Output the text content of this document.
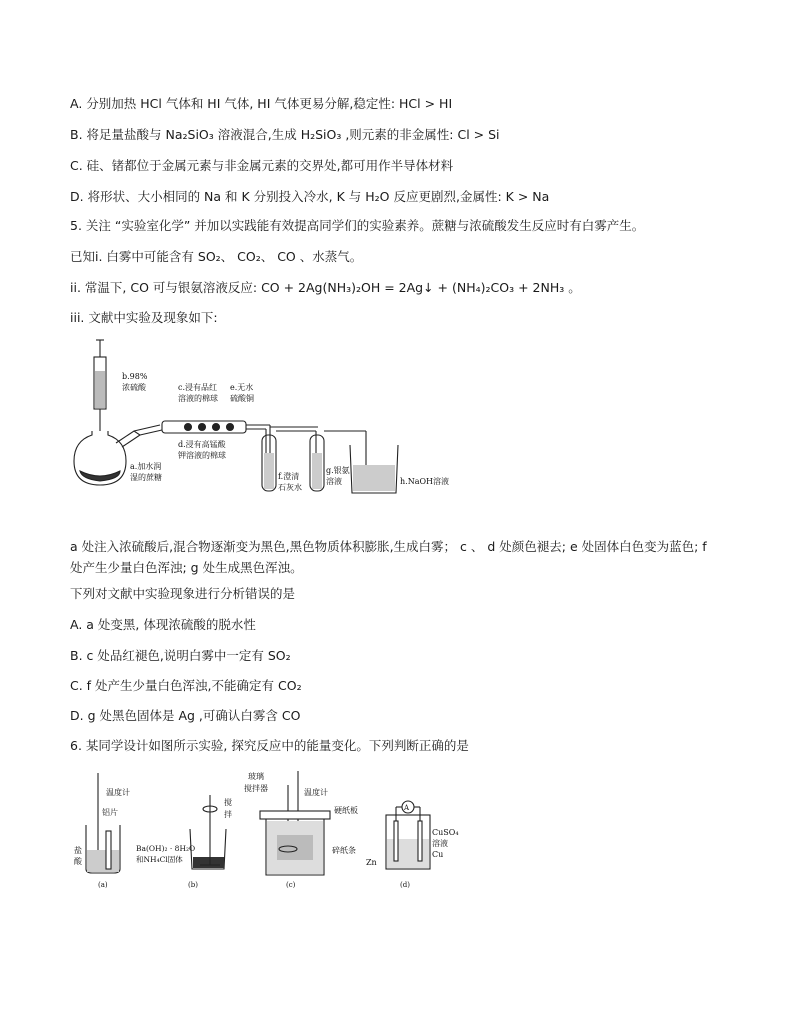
A. 分别加热 HCl 气体和 HI 气体, HI 气体更易分解,稳定性: HCl > HI
B. 将足量盐酸与 Na₂SiO₃ 溶液混合,生成 H₂SiO₃ ,则元素的非金属性: Cl > Si
C. 硅、锗都位于金属元素与非金属元素的交界处,都可用作半导体材料
D. 将形状、大小相同的 Na 和 K 分别投入冷水, K 与 H₂O 反应更剧烈,金属性: K > Na
5. 关注 “实验室化学” 并加以实践能有效提高同学们的实验素养。蔗糖与浓硫酸发生反应时有白雾产生。
已知i. 白雾中可能含有 SO₂、 CO₂、 CO 、水蒸气。
ii. 常温下, CO 可与银氨溶液反应: CO + 2Ag(NH₃)₂OH = 2Ag↓ + (NH₄)₂CO₃ + 2NH₃ 。
iii. 文献中实验及现象如下:
b.98%
浓硫酸	c.浸有品红
溶液的棉球
e.无水
硫酸铜
d.浸有高锰酸
钾溶液的棉球
a.加水润
湿的蔗糖	f.澄清
石灰水
g.银氨
溶液	h.NaOH溶液
a 处注入浓硫酸后,混合物逐渐变为黑色,黑色物质体积膨胀,生成白雾； c 、 d 处颜色褪去; e 处固体白色变为蓝色; f 处产生少量白色浑浊; g 处生成黑色浑浊。
下列对文献中实验现象进行分析错误的是
A. a 处变黑, 体现浓硫酸的脱水性
B. c 处品红褪色,说明白雾中一定有 SO₂
C. f 处产生少量白色浑浊,不能确定有 CO₂
D. g 处黑色固体是 Ag ,可确认白雾含 CO
6. 某同学设计如图所示实验, 探究反应中的能量变化。下列判断正确的是
温度计
铝片
盐
酸
(a)
搅
拌
Ba(OH)₂ · 8H₂O
和NH₄Cl固体
(b)
玻璃
搅拌器	温度计
硬纸板
碎纸条
(c)
A
CuSO₄
溶液
Zn
Cu
(d)
